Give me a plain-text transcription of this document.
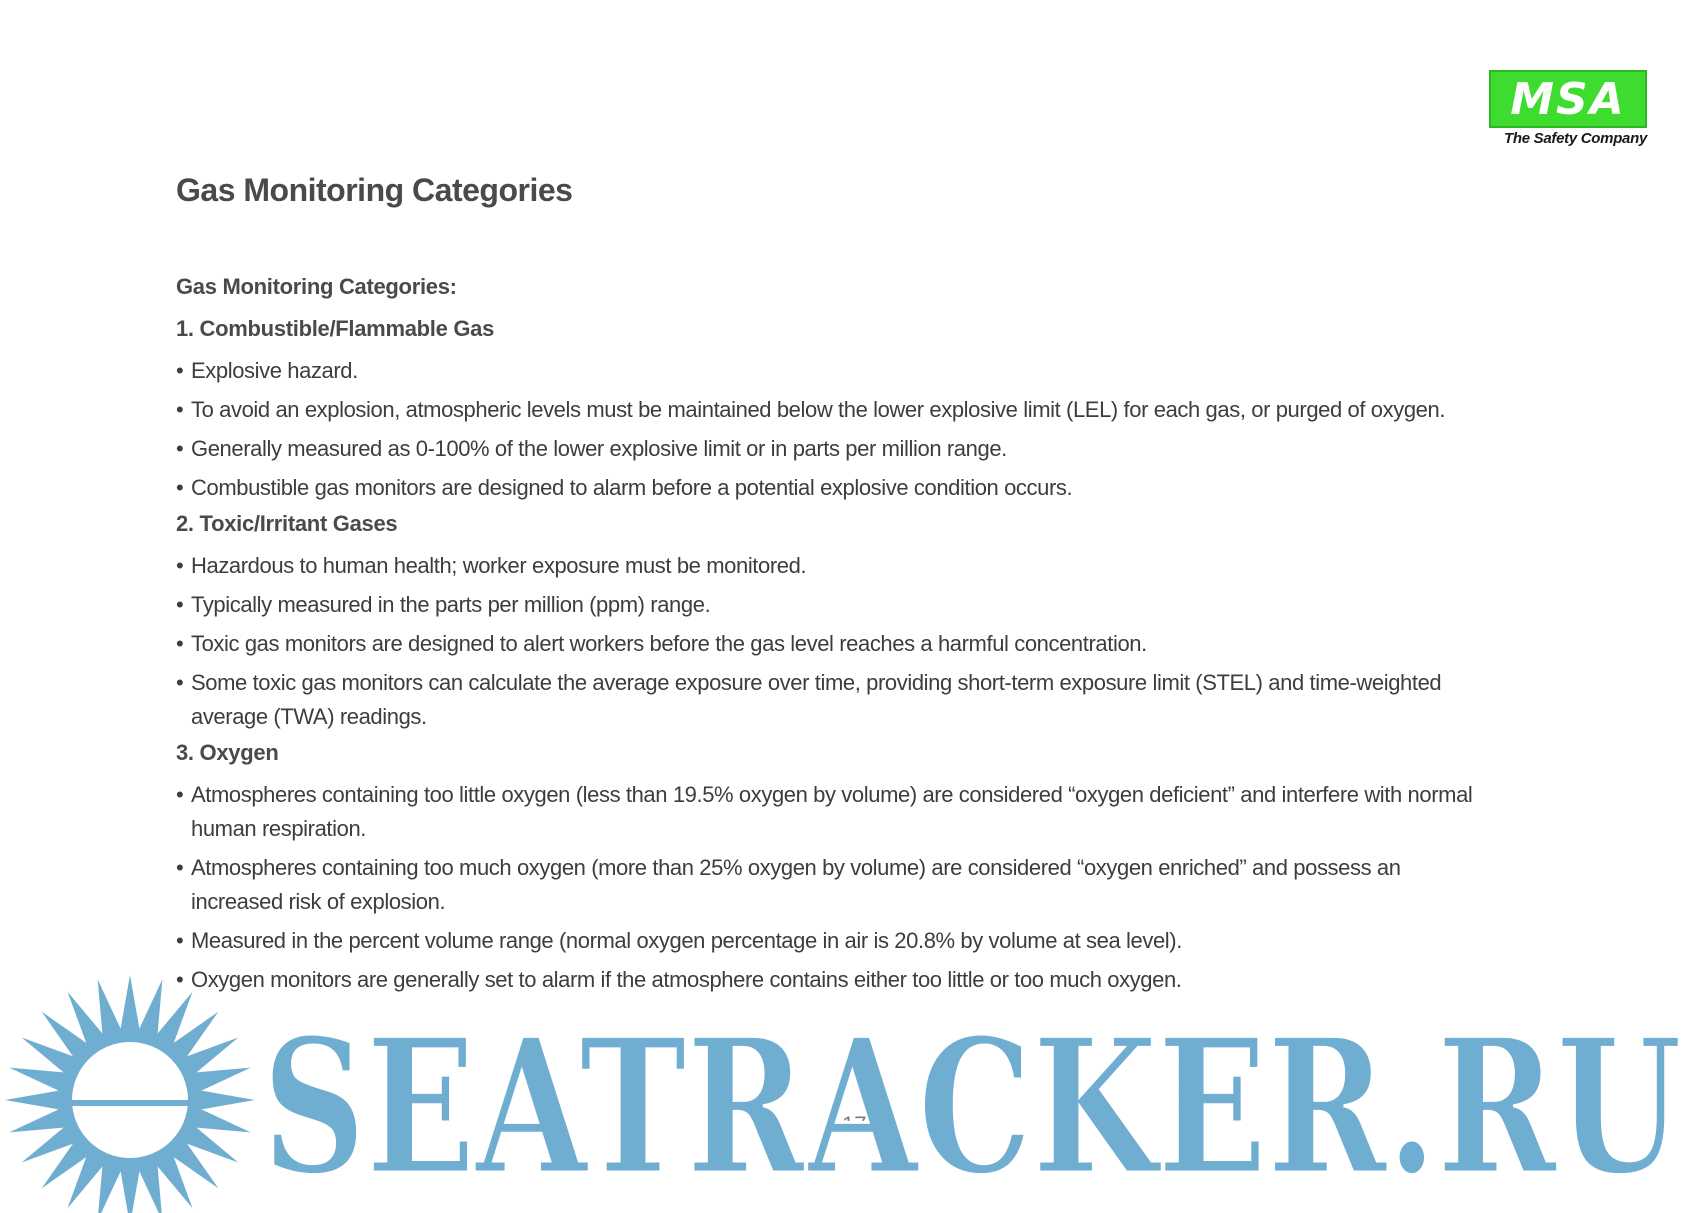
MSA
The Safety Company
Gas Monitoring Categories
Gas Monitoring Categories:
1. Combustible/Flammable Gas
• Explosive hazard.
• To avoid an explosion, atmospheric levels must be maintained below the lower explosive limit (LEL) for each gas, or purged of oxygen.
• Generally measured as 0-100% of the lower explosive limit or in parts per million range.
• Combustible gas monitors are designed to alarm before a potential explosive condition occurs.
2. Toxic/Irritant Gases
• Hazardous to human health; worker exposure must be monitored.
• Typically measured in the parts per million (ppm) range.
• Toxic gas monitors are designed to alert workers before the gas level reaches a harmful concentration.
• Some toxic gas monitors can calculate the average exposure over time, providing short-term exposure limit (STEL) and time-weighted average (TWA) readings.
3. Oxygen
• Atmospheres containing too little oxygen (less than 19.5% oxygen by volume) are considered “oxygen deficient” and interfere with normal human respiration.
• Atmospheres containing too much oxygen (more than 25% oxygen by volume) are considered “oxygen enriched” and possess an increased risk of explosion.
• Measured in the percent volume range (normal oxygen percentage in air is 20.8% by volume at sea level).
• Oxygen monitors are generally set to alarm if the atmosphere contains either too little or too much oxygen.
17
SEATRACKER.RU
